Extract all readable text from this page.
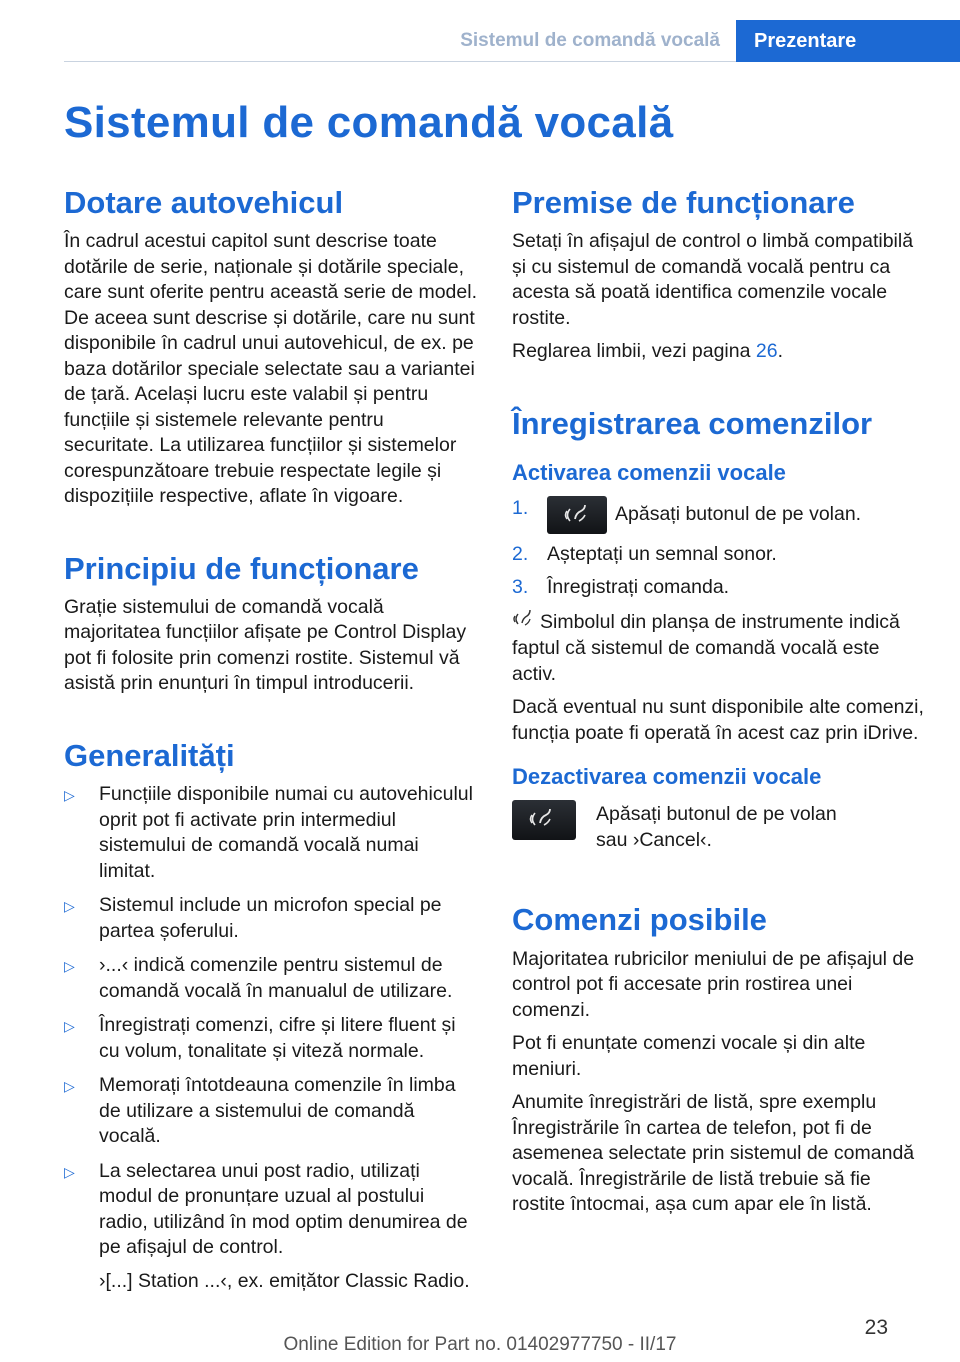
Sistemul de comandă vocală Prezentare
Sistemul de comandă vocală
Dotare autovehicul

În cadrul acestui capitol sunt descrise toate dotările de serie, naționale și dotările speciale, care sunt oferite pentru această serie de model. De aceea sunt descrise și dotările, care nu sunt disponibile în cadrul unui autovehicul, de ex. pe baza dotărilor speciale selectate sau a variantei de țară. Același lucru este valabil și pentru funcțiile și sistemele relevante pentru securitate. La utilizarea funcțiilor și sistemelor corespunzătoare trebuie respectate legile și dispozițiile respective, aflate în vigoare.

Principiu de funcționare

Grație sistemului de comandă vocală majoritatea funcțiilor afișate pe Control Display pot fi folosite prin comenzi rostite. Sistemul vă asistă prin enunțuri în timpul introducerii.

Generalități
▷ Funcțiile disponibile numai cu autovehiculul oprit pot fi activate prin intermediul sistemului de comandă vocală numai limitat.
▷ Sistemul include un microfon special pe partea șoferului.
▷ ›...‹ indică comenzile pentru sistemul de comandă vocală în manualul de utilizare.
▷ Înregistrați comenzi, cifre și litere fluent și cu volum, tonalitate și viteză normale.
▷ Memorați întotdeauna comenzile în limba de utilizare a sistemului de comandă vocală.
▷ La selectarea unui post radio, utilizați modul de pronunțare uzual al postului radio, utilizând în mod optim denumirea de pe afișajul de control.
›[...] Station ...‹, ex. emițător Classic Radio.
Premise de funcționare

Setați în afișajul de control o limbă compatibilă și cu sistemul de comandă vocală pentru ca acesta să poată identifica comenzile vocale rostite.

Reglarea limbii, vezi pagina 26.

Înregistrarea comenzilor
Activarea comenzii vocale
1.	Apăsați butonul de pe volan.
2. Așteptați un semnal sonor.
3. Înregistrați comanda.

Simbolul din planșa de instrumente indică faptul că sistemul de comandă vocală este activ.

Dacă eventual nu sunt disponibile alte comenzi, funcția poate fi operată în acest caz prin iDrive.

Dezactivarea comenzii vocale

Apăsați butonul de pe volan sau ›Cancel‹.

Comenzi posibile

Majoritatea rubricilor meniului de pe afișajul de control pot fi accesate prin rostirea unei comenzi.

Pot fi enunțate comenzi vocale și din alte meniuri.

Anumite înregistrări de listă, spre exemplu Înregistrările în cartea de telefon, pot fi de asemenea selectate prin sistemul de comandă vocală. Înregistrările de listă trebuie să fie rostite întocmai, așa cum apar ele în listă.

23
Online Edition for Part no. 01402977750 - II/17
